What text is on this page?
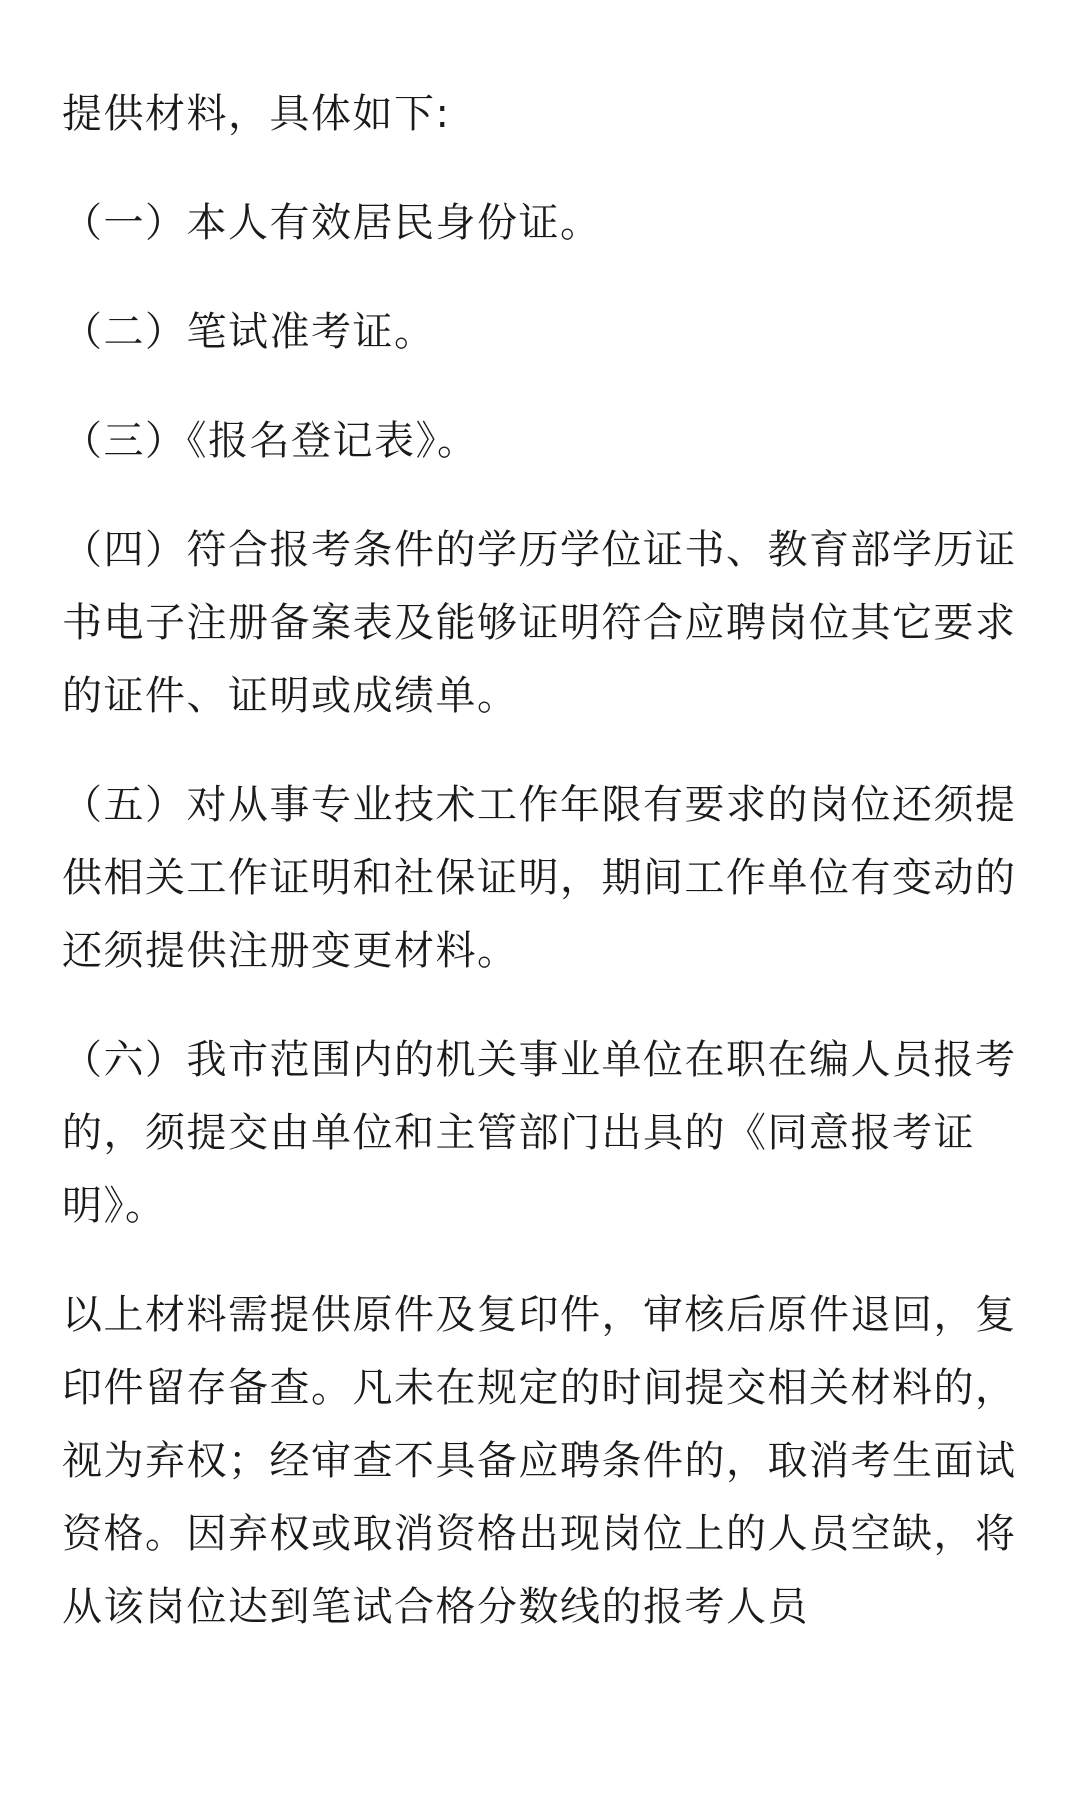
提供材料，具体如下:

（一）本人有效居民身份证。

（二）笔试准考证。

（三）《报名登记表》。

（四）符合报考条件的学历学位证书、教育部学历证书电子注册备案表及能够证明符合应聘岗位其它要求的证件、证明或成绩单。

（五）对从事专业技术工作年限有要求的岗位还须提供相关工作证明和社保证明，期间工作单位有变动的还须提供注册变更材料。

（六）我市范围内的机关事业单位在职在编人员报考的，须提交由单位和主管部门出具的《同意报考证明》。

以上材料需提供原件及复印件，审核后原件退回，复印件留存备查。凡未在规定的时间提交相关材料的，视为弃权；经审查不具备应聘条件的，取消考生面试资格。因弃权或取消资格出现岗位上的人员空缺，将从该岗位达到笔试合格分数线的报考人员
